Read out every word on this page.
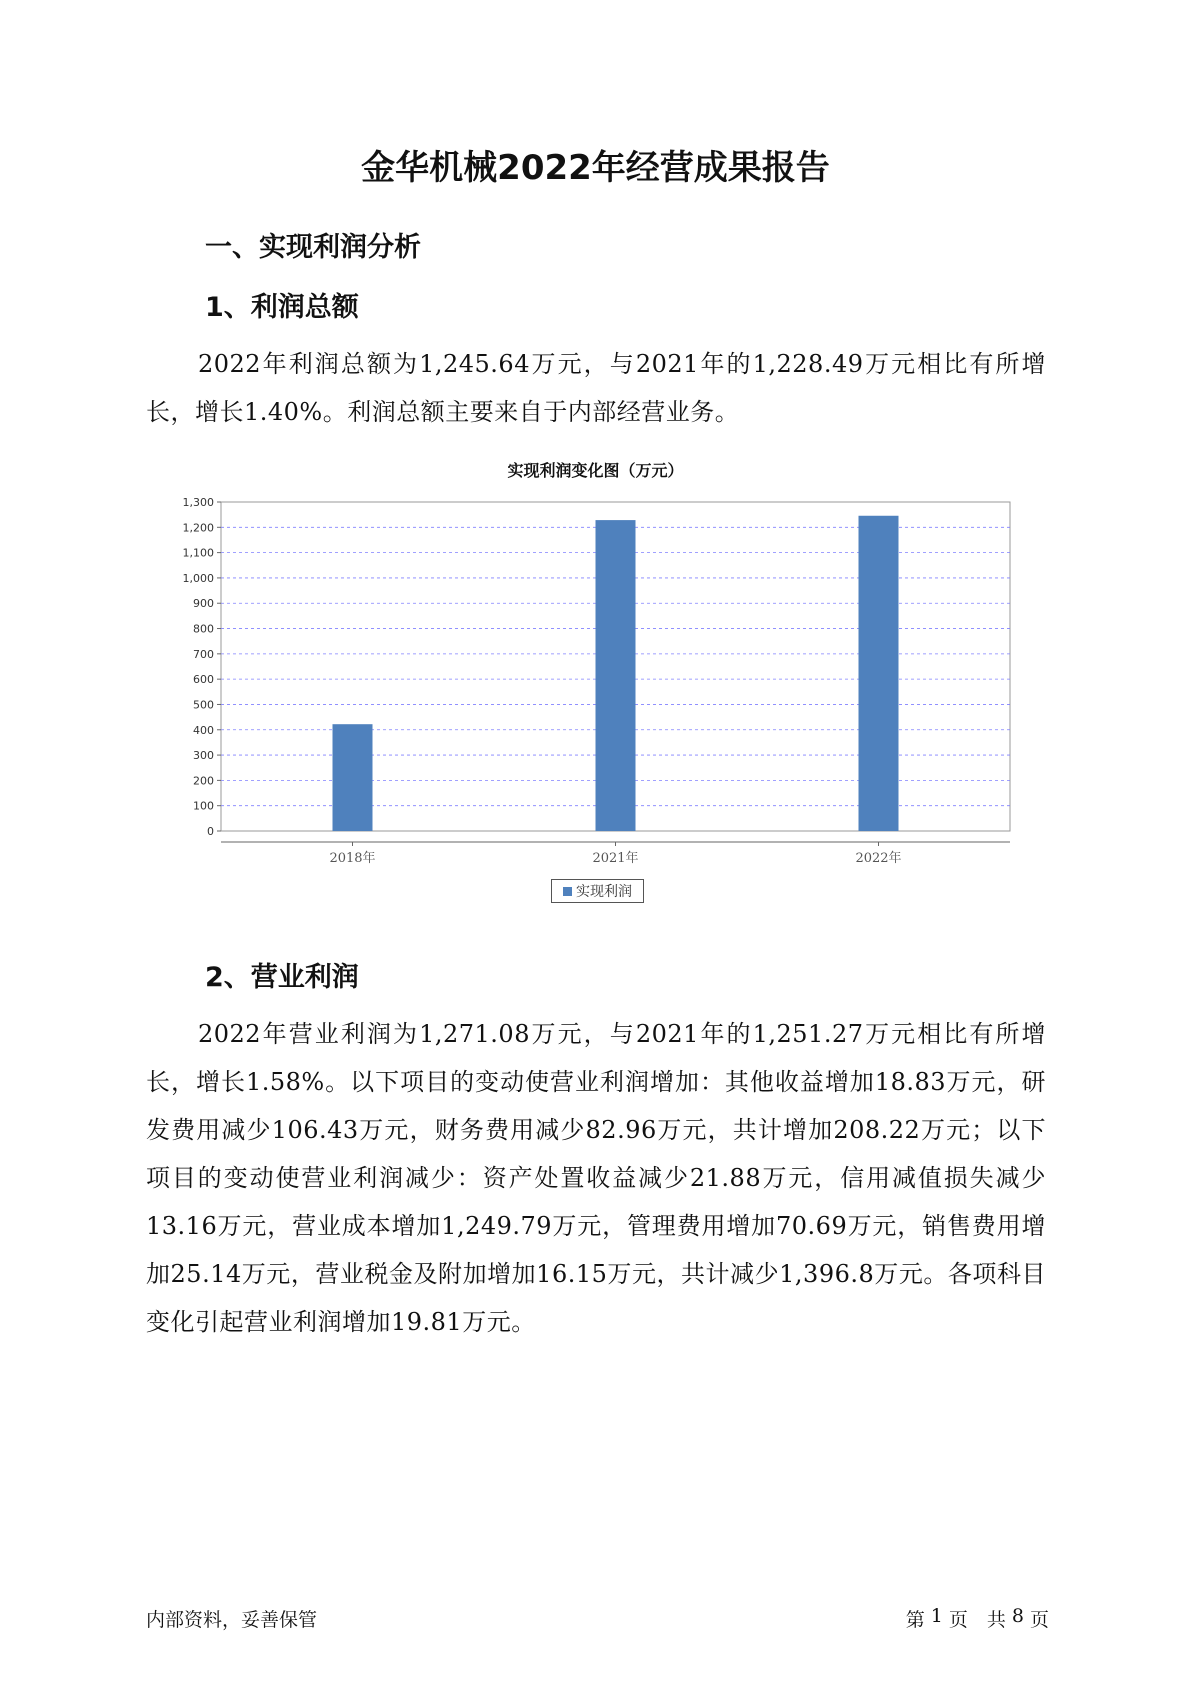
金华机械2022年经营成果报告
一、实现利润分析
1、利润总额
2022年利润总额为1,245.64万元，与2021年的1,228.49万元相比有所增长，增长1.40%。利润总额主要来自于内部经营业务。
实现利润变化图（万元）
0
100
200
300
400
500
600
700
800
900
1,000
1,100
1,200
1,300
2018年	2021年	2022年
实现利润
2、营业利润
2022年营业利润为1,271.08万元，与2021年的1,251.27万元相比有所增长，增长1.58%。以下项目的变动使营业利润增加：其他收益增加18.83万元，研发费用减少106.43万元，财务费用减少82.96万元，共计增加208.22万元；以下项目的变动使营业利润减少：资产处置收益减少21.88万元，信用减值损失减少13.16万元，营业成本增加1,249.79万元，管理费用增加70.69万元，销售费用增加25.14万元，营业税金及附加增加16.15万元，共计减少1,396.8万元。各项科目变化引起营业利润增加19.81万元。
内部资料，妥善保管	第 1 页　共 8 页
